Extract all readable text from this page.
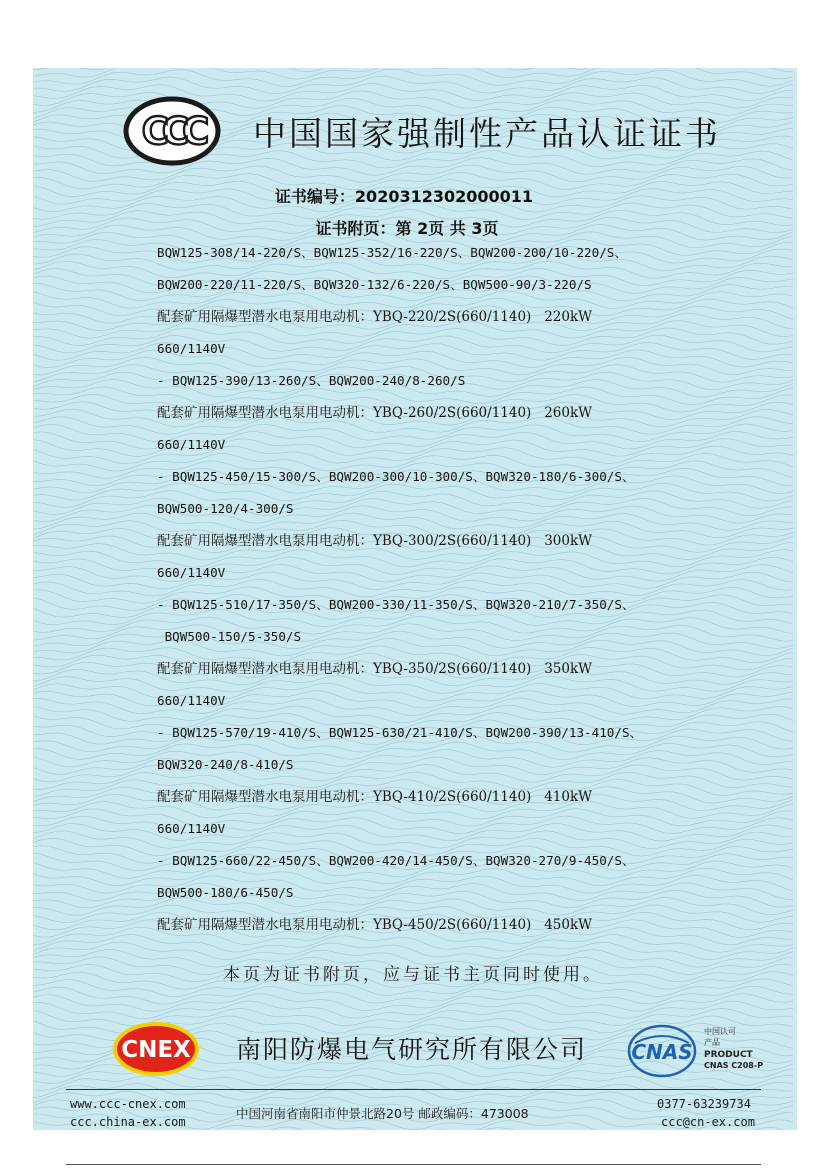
CCC 中国国家强制性产品认证证书
证书编号：2020312302000011
证书附页：第 2页 共 3页
BQW125-308/14-220/S、BQW125-352/16-220/S、BQW200-200/10-220/S、
BQW200-220/11-220/S、BQW320-132/6-220/S、BQW500-90/3-220/S
配套矿用隔爆型潜水电泵用电动机：YBQ-220/2S(660/1140)   220kW
660/1140V
- BQW125-390/13-260/S、BQW200-240/8-260/S
配套矿用隔爆型潜水电泵用电动机：YBQ-260/2S(660/1140)   260kW
660/1140V
- BQW125-450/15-300/S、BQW200-300/10-300/S、BQW320-180/6-300/S、
BQW500-120/4-300/S
配套矿用隔爆型潜水电泵用电动机：YBQ-300/2S(660/1140)   300kW
660/1140V
- BQW125-510/17-350/S、BQW200-330/11-350/S、BQW320-210/7-350/S、
BQW500-150/5-350/S
配套矿用隔爆型潜水电泵用电动机：YBQ-350/2S(660/1140)   350kW
660/1140V
- BQW125-570/19-410/S、BQW125-630/21-410/S、BQW200-390/13-410/S、
BQW320-240/8-410/S
配套矿用隔爆型潜水电泵用电动机：YBQ-410/2S(660/1140)   410kW
660/1140V
- BQW125-660/22-450/S、BQW200-420/14-450/S、BQW320-270/9-450/S、
BQW500-180/6-450/S
配套矿用隔爆型潜水电泵用电动机：YBQ-450/2S(660/1140)   450kW
本页为证书附页，应与证书主页同时使用。
CNEX 南阳防爆电气研究所有限公司 CNAS
中国认可
产品
PRODUCT
CNAS C208-P
www.ccc-cnex.com
ccc.china-ex.com
中国河南省南阳市仲景北路20号 邮政编码：473008
0377-63239734
ccc@cn-ex.com
